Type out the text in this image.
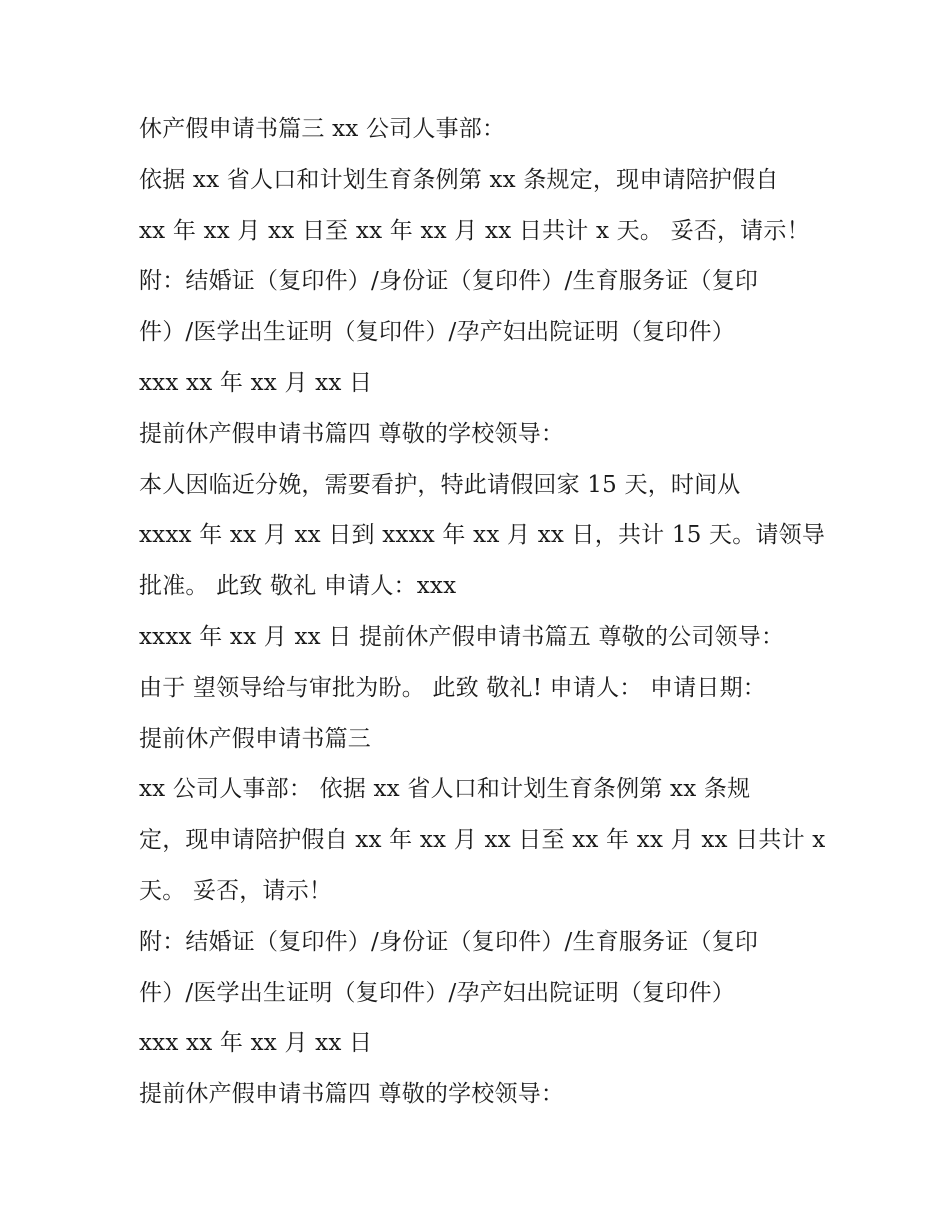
休产假申请书篇三 xx 公司人事部：
依据 xx 省人口和计划生育条例第 xx 条规定，现申请陪护假自
xx 年 xx 月 xx 日至 xx 年 xx 月 xx 日共计 x 天。 妥否，请示！
附：结婚证（复印件）/身份证（复印件）/生育服务证（复印
件）/医学出生证明（复印件）/孕产妇出院证明（复印件）
xxx xx 年 xx 月 xx 日
提前休产假申请书篇四 尊敬的学校领导：
本人因临近分娩，需要看护，特此请假回家 15 天，时间从
xxxx 年 xx 月 xx 日到 xxxx 年 xx 月 xx 日，共计 15 天。请领导
批准。 此致 敬礼 申请人：xxx
xxxx 年 xx 月 xx 日 提前休产假申请书篇五 尊敬的公司领导：
由于 望领导给与审批为盼。 此致 敬礼! 申请人： 申请日期：
提前休产假申请书篇三
xx 公司人事部： 依据 xx 省人口和计划生育条例第 xx 条规
定，现申请陪护假自 xx 年 xx 月 xx 日至 xx 年 xx 月 xx 日共计 x
天。 妥否，请示！
附：结婚证（复印件）/身份证（复印件）/生育服务证（复印
件）/医学出生证明（复印件）/孕产妇出院证明（复印件）
xxx xx 年 xx 月 xx 日
提前休产假申请书篇四 尊敬的学校领导：
